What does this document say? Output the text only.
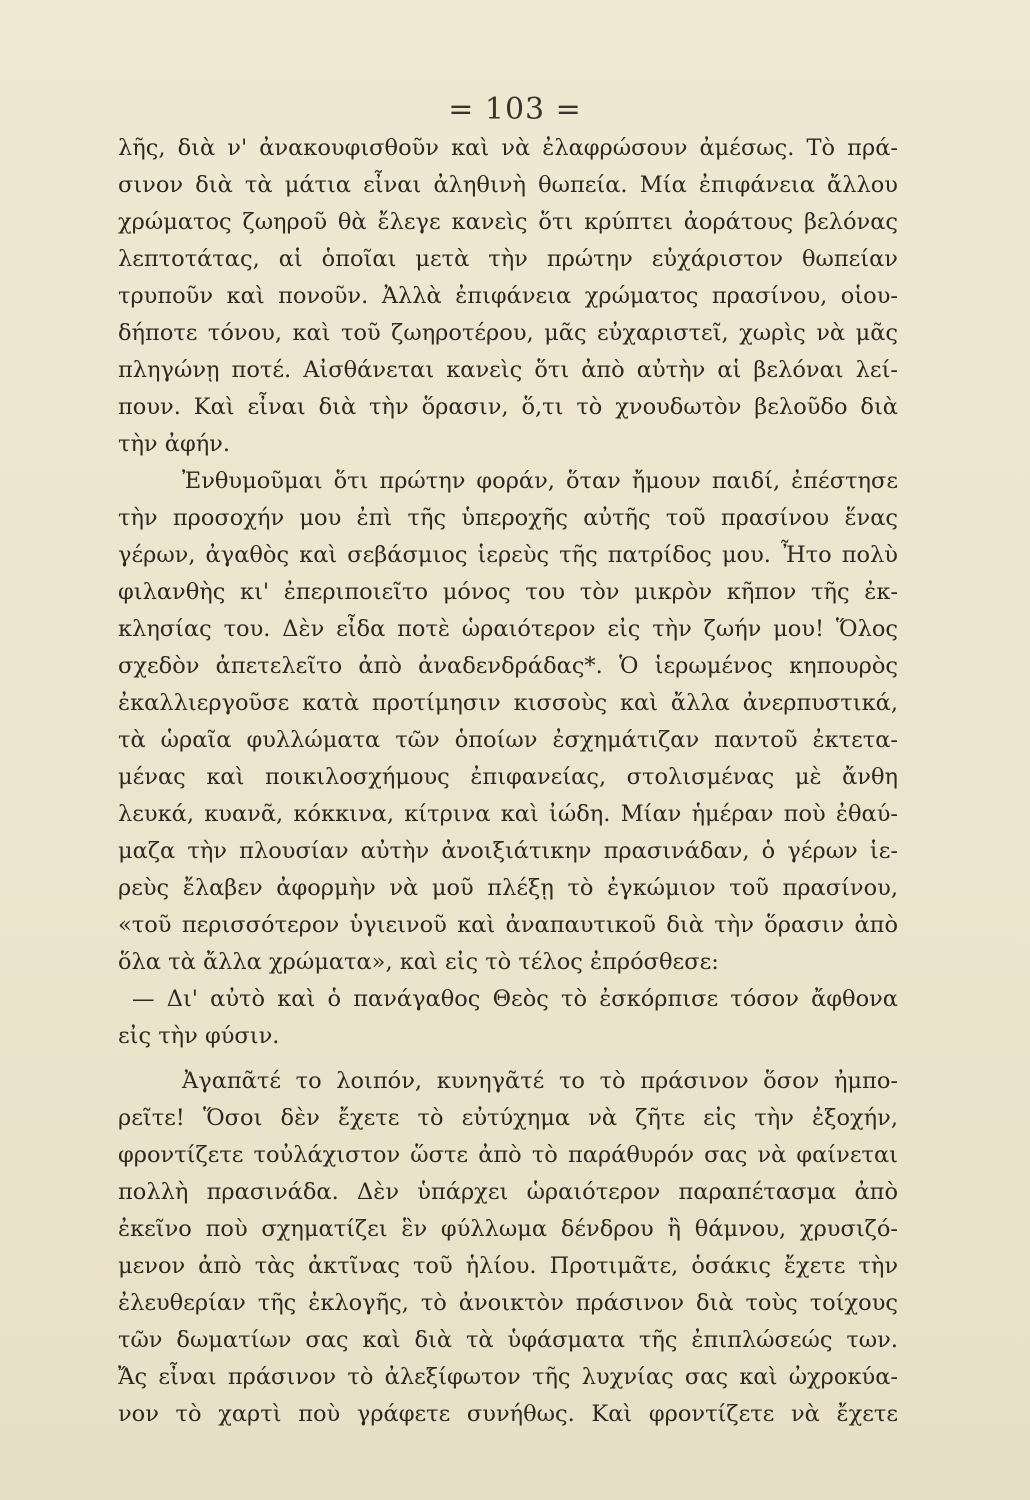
= 103 =
λῆς, διὰ ν' ἀνακουφισθοῦν καὶ νὰ ἐλαφρώσουν ἀμέσως. Τὸ πρά-
σινον διὰ τὰ μάτια εἶναι ἀληθινὴ θωπεία. Μία ἐπιφάνεια ἄλλου
χρώματος ζωηροῦ θὰ ἔλεγε κανεὶς ὅτι κρύπτει ἀοράτους βελόνας
λεπτοτάτας, αἱ ὁποῖαι μετὰ τὴν πρώτην εὐχάριστον θωπείαν
τρυποῦν καὶ πονοῦν. Ἀλλὰ ἐπιφάνεια χρώματος πρασίνου, οἱου-
δήποτε τόνου, καὶ τοῦ ζωηροτέρου, μᾶς εὐχαριστεῖ, χωρὶς νὰ μᾶς
πληγώνῃ ποτέ. Αἰσθάνεται κανεὶς ὅτι ἀπὸ αὐτὴν αἱ βελόναι λεί-
πουν. Καὶ εἶναι διὰ τὴν ὅρασιν, ὅ,τι τὸ χνουδωτὸν βελοῦδο διὰ
τὴν ἀφήν.
Ἐνθυμοῦμαι ὅτι πρώτην φοράν, ὅταν ἤμουν παιδί, ἐπέστησε
τὴν προσοχήν μου ἐπὶ τῆς ὑπεροχῆς αὐτῆς τοῦ πρασίνου ἕνας
γέρων, ἀγαθὸς καὶ σεβάσμιος ἱερεὺς τῆς πατρίδος μου. Ἦτο πολὺ
φιλανθὴς κι' ἐπεριποιεῖτο μόνος του τὸν μικρὸν κῆπον τῆς ἐκ-
κλησίας του. Δὲν εἶδα ποτὲ ὡραιότερον εἰς τὴν ζωήν μου! Ὅλος
σχεδὸν ἀπετελεῖτο ἀπὸ ἀναδενδράδας*. Ὁ ἱερωμένος κηπουρὸς
ἐκαλλιεργοῦσε κατὰ προτίμησιν κισσοὺς καὶ ἄλλα ἀνερπυστικά,
τὰ ὡραῖα φυλλώματα τῶν ὁποίων ἐσχημάτιζαν παντοῦ ἐκτετα-
μένας καὶ ποικιλοσχήμους ἐπιφανείας, στολισμένας μὲ ἄνθη
λευκά, κυανᾶ, κόκκινα, κίτρινα καὶ ἰώδη. Μίαν ἡμέραν ποὺ ἐθαύ-
μαζα τὴν πλουσίαν αὐτὴν ἀνοιξιάτικην πρασινάδαν, ὁ γέρων ἱε-
ρεὺς ἔλαβεν ἀφορμὴν νὰ μοῦ πλέξῃ τὸ ἐγκώμιον τοῦ πρασίνου,
«τοῦ περισσότερον ὑγιεινοῦ καὶ ἀναπαυτικοῦ διὰ τὴν ὅρασιν ἀπὸ
ὅλα τὰ ἄλλα χρώματα», καὶ εἰς τὸ τέλος ἐπρόσθεσε:
— Δι' αὐτὸ καὶ ὁ πανάγαθος Θεὸς τὸ ἐσκόρπισε τόσον ἄφθονα
εἰς τὴν φύσιν.
Ἀγαπᾶτέ το λοιπόν, κυνηγᾶτέ το τὸ πράσινον ὅσον ἠμπο-
ρεῖτε! Ὅσοι δὲν ἔχετε τὸ εὐτύχημα νὰ ζῆτε εἰς τὴν ἐξοχήν,
φροντίζετε τοὐλάχιστον ὥστε ἀπὸ τὸ παράθυρόν σας νὰ φαίνεται
πολλὴ πρασινάδα. Δὲν ὑπάρχει ὡραιότερον παραπέτασμα ἀπὸ
ἐκεῖνο ποὺ σχηματίζει ἓν φύλλωμα δένδρου ἢ θάμνου, χρυσιζό-
μενον ἀπὸ τὰς ἀκτῖνας τοῦ ἡλίου. Προτιμᾶτε, ὁσάκις ἔχετε τὴν
ἐλευθερίαν τῆς ἐκλογῆς, τὸ ἀνοικτὸν πράσινον διὰ τοὺς τοίχους
τῶν δωματίων σας καὶ διὰ τὰ ὑφάσματα τῆς ἐπιπλώσεώς των.
Ἄς εἶναι πράσινον τὸ ἀλεξίφωτον τῆς λυχνίας σας καὶ ὠχροκύα-
νον τὸ χαρτὶ ποὺ γράφετε συνήθως. Καὶ φροντίζετε νὰ ἔχετε
